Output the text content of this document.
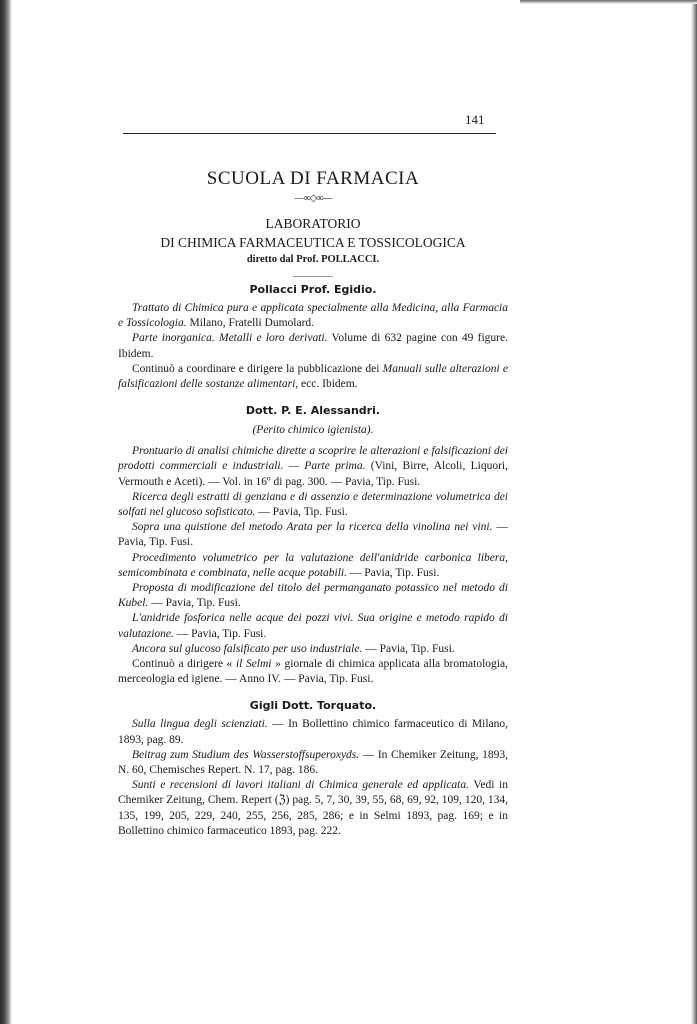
141

SCUOLA DI FARMACIA
—∞◇∞—

LABORATORIO

DI CHIMICA FARMACEUTICA E TOSSICOLOGICA

diretto dal Prof. POLLACCI.

Pollacci Prof. Egidio.

Trattato di Chimica pura e applicata specialmente alla Medicina, alla Farmacia e Tossicologia. Milano, Fratelli Dumolard.

Parte inorganica. Metalli e loro derivati. Volume di 632 pagine con 49 figure. Ibidem.

Continuò a coordinare e dirigere la pubblicazione dei Manuali sulle alterazioni e falsificazioni delle sostanze alimentari, ecc. Ibidem.

Dott. P. E. Alessandri.

(Perito chimico igienista).

Prontuario di analisi chimiche dirette a scoprire le alterazioni e falsificazioni dei prodotti commerciali e industriali. — Parte prima. (Vini, Birre, Alcoli, Liquori, Vermouth e Aceti). — Vol. in 16º di pag. 300. — Pavia, Tip. Fusi.

Ricerca degli estratti di genziana e di assenzio e determinazione volumetrica dei solfati nel glucoso sofisticato. — Pavia, Tip. Fusi.

Sopra una quistione del metodo Arata per la ricerca della vinolina nei vini. — Pavia, Tip. Fusi.

Procedimento volumetrico per la valutazione dell'anidride carbonica libera, semicombinata e combinata, nelle acque potabili. — Pavia, Tip. Fusi.

Proposta di modificazione del titolo del permanganato potassico nel metodo di Kubel. — Pavia, Tip. Fusi.

L'anidride fosforica nelle acque dei pozzi vivi. Sua origine e metodo rapido di valutazione. — Pavia, Tip. Fusi.

Ancora sul glucoso falsificato per uso industriale. — Pavia, Tip. Fusi.

Continuò a dirigere « il Selmi » giornale di chimica applicata alla bromatologia, merceologia ed igiene. — Anno IV. — Pavia, Tip. Fusi.

Gigli Dott. Torquato.

Sulla lingua degli scienziati. — In Bollettino chimico farmaceutico di Milano, 1893, pag. 89.

Beitrag zum Studium des Wasserstoffsuperoxyds. — In Chemiker Zeitung, 1893, N. 60, Chemisches Repert. N. 17, pag. 186.

Sunti e recensioni di lavori italiani di Chimica generale ed applicata. Vedi in Chemiker Zeitung, Chem. Repert (ℨ) pag. 5, 7, 30, 39, 55, 68, 69, 92, 109, 120, 134, 135, 199, 205, 229, 240, 255, 256, 285, 286; e in Selmi 1893, pag. 169; e in Bollettino chimico farmaceutico 1893, pag. 222.
